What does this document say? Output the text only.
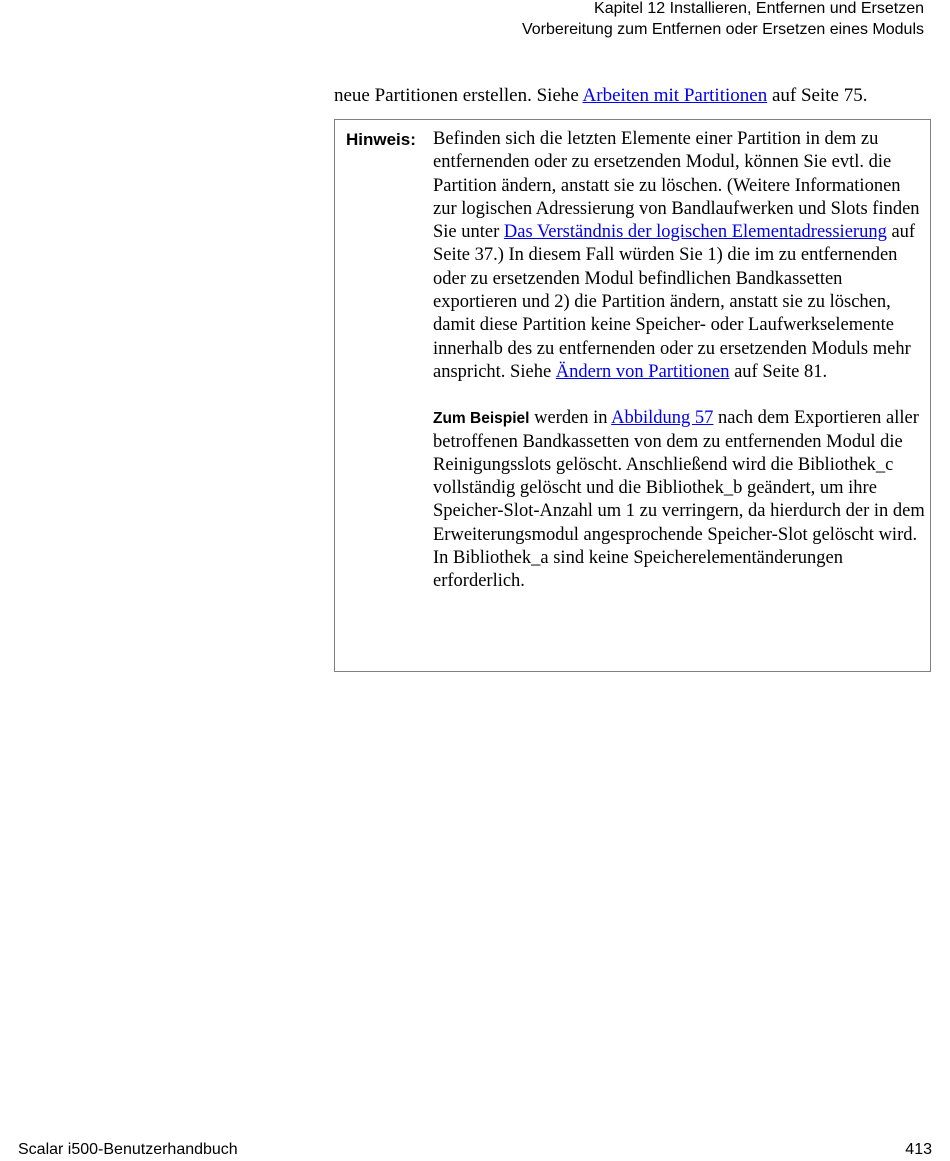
Kapitel 12 Installieren, Entfernen und Ersetzen
Vorbereitung zum Entfernen oder Ersetzen eines Moduls
neue Partitionen erstellen. Siehe Arbeiten mit Partitionen auf Seite 75.
Hinweis: Befinden sich die letzten Elemente einer Partition in dem zu entfernenden oder zu ersetzenden Modul, können Sie evtl. die Partition ändern, anstatt sie zu löschen. (Weitere Informationen zur logischen Adressierung von Bandlaufwerken und Slots finden Sie unter Das Verständnis der logischen Elementadressierung auf Seite 37.) In diesem Fall würden Sie 1) die im zu entfernenden oder zu ersetzenden Modul befindlichen Bandkassetten exportieren und 2) die Partition ändern, anstatt sie zu löschen, damit diese Partition keine Speicher- oder Laufwerkselemente innerhalb des zu entfernenden oder zu ersetzenden Moduls mehr anspricht. Siehe Ändern von Partitionen auf Seite 81.

Zum Beispiel werden in Abbildung 57 nach dem Exportieren aller betroffenen Bandkassetten von dem zu entfernenden Modul die Reinigungsslots gelöscht. Anschließend wird die Bibliothek_c vollständig gelöscht und die Bibliothek_b geändert, um ihre Speicher-Slot-Anzahl um 1 zu verringern, da hierdurch der in dem Erweiterungsmodul angesprochende Speicher-Slot gelöscht wird. In Bibliothek_a sind keine Speicherelementänderungen erforderlich.

Scalar i500-Benutzerhandbuch	413
